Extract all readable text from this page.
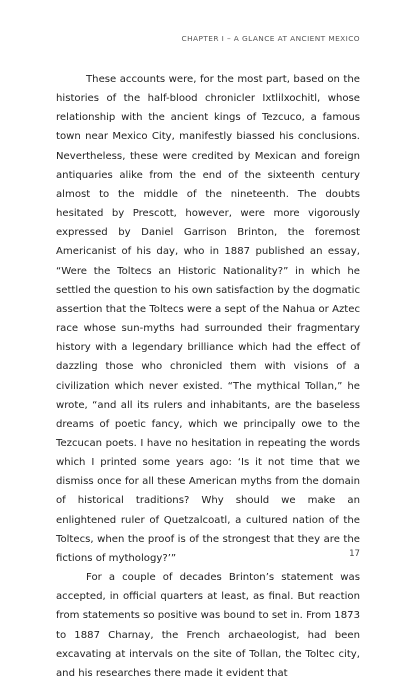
CHAPTER I – A GLANCE AT ANCIENT MEXICO

These accounts were, for the most part, based on the histories of the half-blood chronicler Ixtlilxochitl, whose relationship with the ancient kings of Tezcuco, a famous town near Mexico City, manifestly biassed his conclusions. Nevertheless, these were credited by Mexican and foreign antiquaries alike from the end of the sixteenth century almost to the middle of the nineteenth. The doubts hesitated by Prescott, however, were more vigorously expressed by Daniel Garrison Brinton, the foremost Americanist of his day, who in 1887 published an essay, “Were the Toltecs an Historic Nationality?” in which he settled the question to his own satisfaction by the dogmatic assertion that the Toltecs were a sept of the Nahua or Aztec race whose sun-myths had surrounded their fragmentary history with a legendary brilliance which had the effect of dazzling those who chronicled them with visions of a civilization which never existed. “The mythical Tollan,” he wrote, “and all its rulers and inhabitants, are the baseless dreams of poetic fancy, which we principally owe to the Tezcucan poets. I have no hesitation in repeating the words which I printed some years ago: ‘Is it not time that we dismiss once for all these American myths from the domain of historical traditions? Why should we make an enlightened ruler of Quetzalcoatl, a cultured nation of the Toltecs, when the proof is of the strongest that they are the fictions of mythology?’”

For a couple of decades Brinton’s statement was accepted, in official quarters at least, as final. But reaction from statements so positive was bound to set in. From 1873 to 1887 Charnay, the French archaeologist, had been excavating at intervals on the site of Tollan, the Toltec city, and his researches there made it evident that

17
